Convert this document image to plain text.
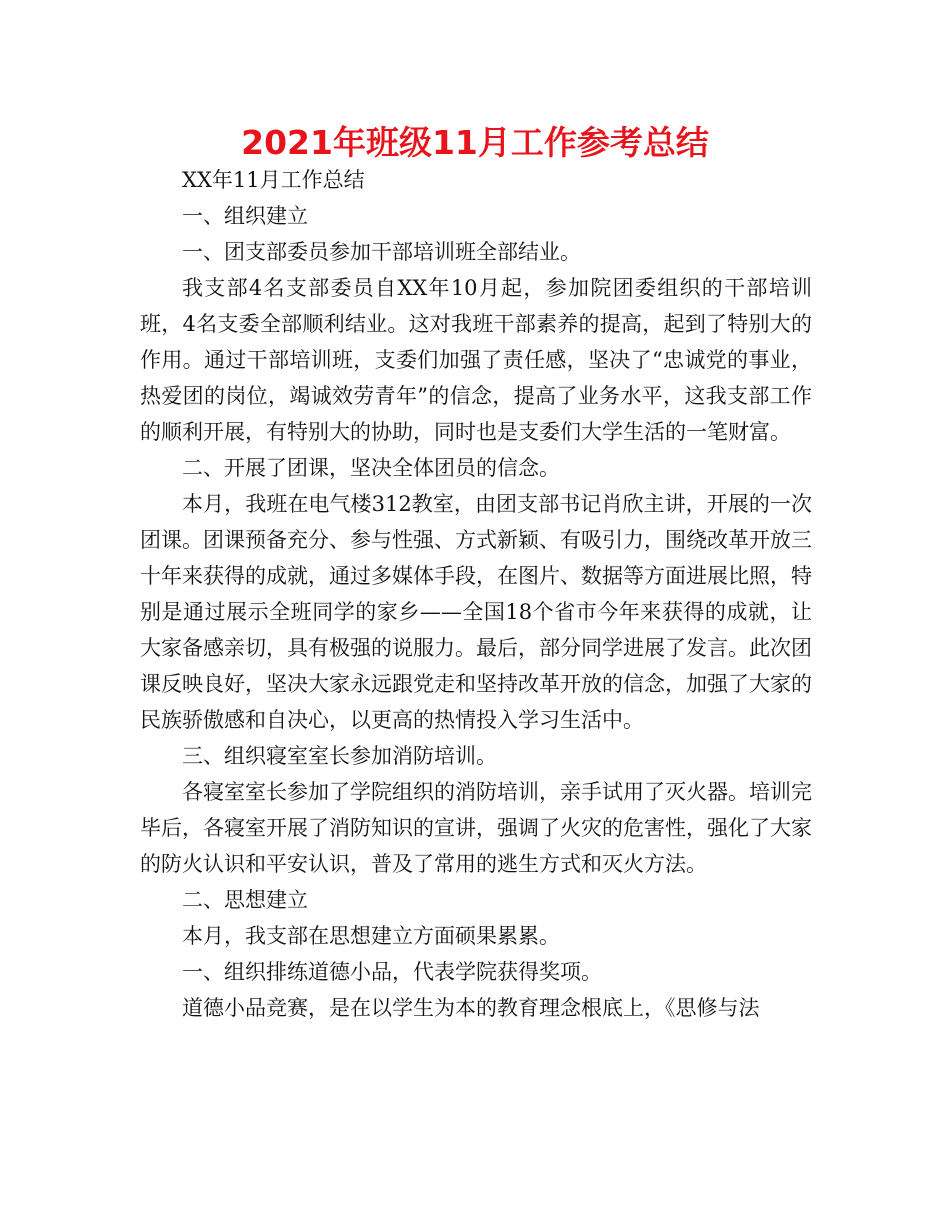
2021年班级11月工作参考总结

XX年11月工作总结

一、组织建立

一、团支部委员参加干部培训班全部结业。

我支部4名支部委员自XX年10月起，参加院团委组织的干部培训班，4名支委全部顺利结业。这对我班干部素养的提高，起到了特别大的作用。通过干部培训班，支委们加强了责任感，坚决了“忠诚党的事业，热爱团的岗位，竭诚效劳青年”的信念，提高了业务水平，这我支部工作的顺利开展，有特别大的协助，同时也是支委们大学生活的一笔财富。

二、开展了团课，坚决全体团员的信念。

本月，我班在电气楼312教室，由团支部书记肖欣主讲，开展的一次团课。团课预备充分、参与性强、方式新颖、有吸引力，围绕改革开放三十年来获得的成就，通过多媒体手段，在图片、数据等方面进展比照，特别是通过展示全班同学的家乡——全国18个省市今年来获得的成就，让大家备感亲切，具有极强的说服力。最后，部分同学进展了发言。此次团课反映良好，坚决大家永远跟党走和坚持改革开放的信念，加强了大家的民族骄傲感和自决心，以更高的热情投入学习生活中。

三、组织寝室室长参加消防培训。

各寝室室长参加了学院组织的消防培训，亲手试用了灭火器。培训完毕后，各寝室开展了消防知识的宣讲，强调了火灾的危害性，强化了大家的防火认识和平安认识，普及了常用的逃生方式和灭火方法。

二、思想建立

本月，我支部在思想建立方面硕果累累。

一、组织排练道德小品，代表学院获得奖项。

道德小品竞赛，是在以学生为本的教育理念根底上，《思修与法
